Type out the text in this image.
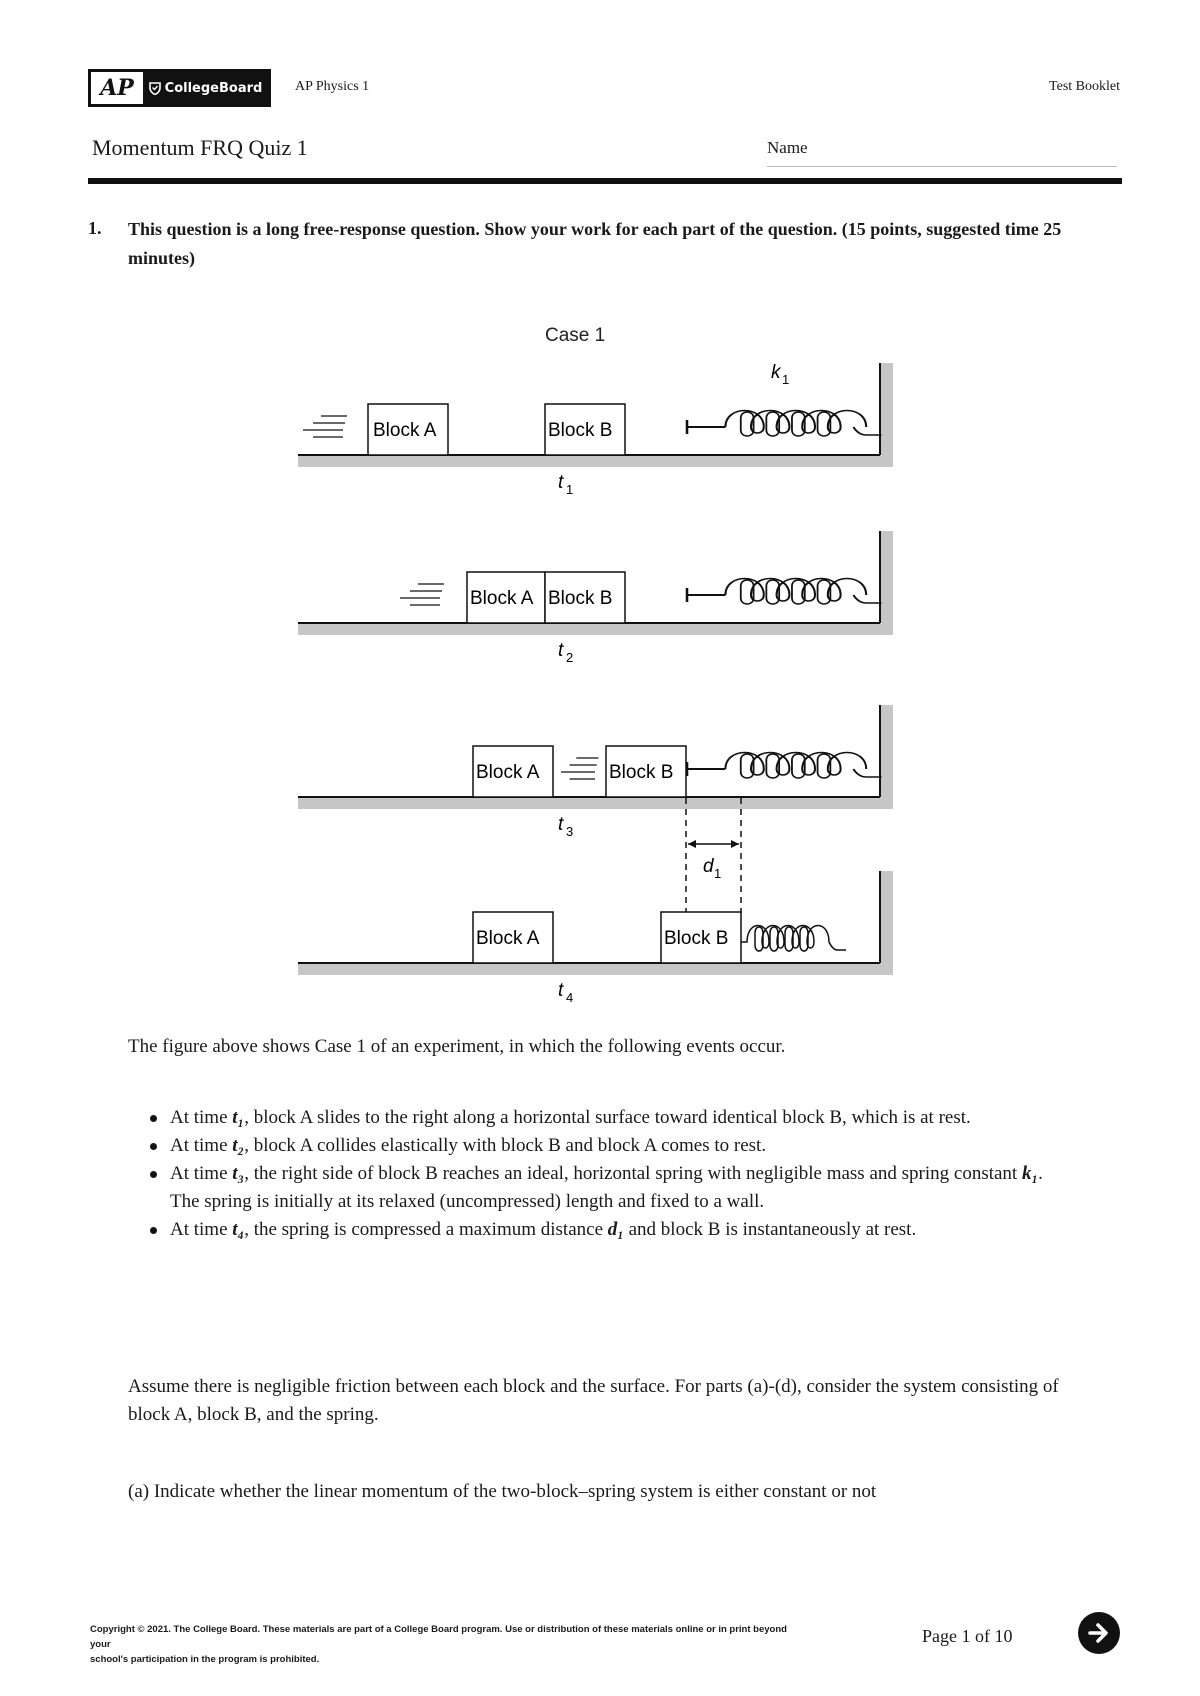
AP	CollegeBoard AP Physics 1	Test Booklet
Momentum FRQ Quiz 1	Name
1. This question is a long free-response question. Show your work for each part of the question. (15 points, suggested time 25 minutes)
Case 1
Block A	Block B
k 1
t 1
Block A Block B
t 2
Block A	Block B
t 3
d 1
Block A	Block B
t 4
The figure above shows Case 1 of an experiment, in which the following events occur.
At time t₁, block A slides to the right along a horizontal surface toward identical block B, which is at rest.
At time t₂, block A collides elastically with block B and block A comes to rest.
At time t₃, the right side of block B reaches an ideal, horizontal spring with negligible mass and spring constant k₁. The spring is initially at its relaxed (uncompressed) length and fixed to a wall.
At time t₄, the spring is compressed a maximum distance d₁ and block B is instantaneously at rest.
Assume there is negligible friction between each block and the surface. For parts (a)-(d), consider the system consisting of block A, block B, and the spring.
(a) Indicate whether the linear momentum of the two-block–spring system is either constant or not
Copyright © 2021. The College Board. These materials are part of a College Board program. Use or distribution of these materials online or in print beyond your
school's participation in the program is prohibited.
Page 1 of 10
